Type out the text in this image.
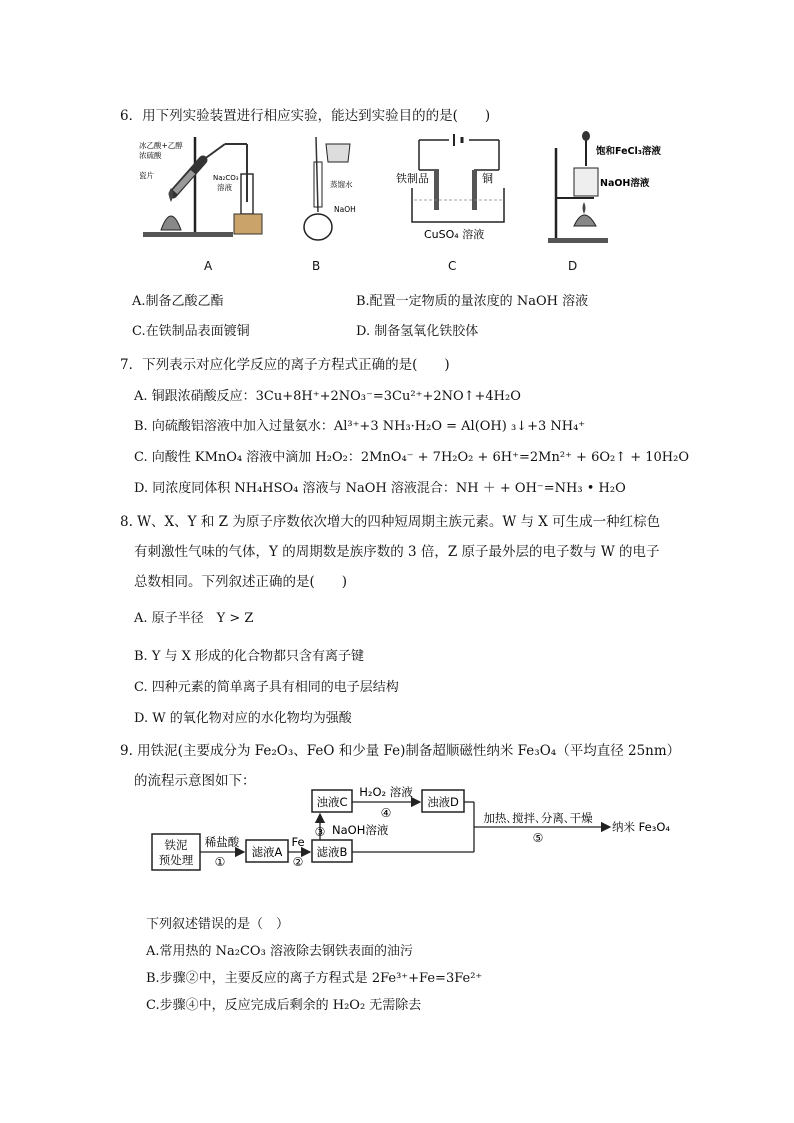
6．用下列实验装置进行相应实验，能达到实验目的的是(　　)
冰乙酸+乙醇
浓硫酸
瓷片	Na₂CO₃
溶液	蒸馏水
NaOH
铁制品	铜
CuSO₄ 溶液
饱和FeCl₃溶液
NaOH溶液
A	B	C	D
A.制备乙酸乙酯	B.配置一定物质的量浓度的 NaOH 溶液
C.在铁制品表面镀铜	D. 制备氢氧化铁胶体
7．下列表示对应化学反应的离子方程式正确的是(　　)
A. 铜跟浓硝酸反应：3Cu+8H⁺+2NO₃⁻=3Cu²⁺+2NO↑+4H₂O
B. 向硫酸铝溶液中加入过量氨水：Al³⁺+3 NH₃·H₂O = Al(OH) ₃↓+3 NH₄⁺
C. 向酸性 KMnO₄ 溶液中滴加 H₂O₂：2MnO₄⁻ + 7H₂O₂ + 6H⁺=2Mn²⁺ + 6O₂↑ + 10H₂O
D. 同浓度同体积 NH₄HSO₄ 溶液与 NaOH 溶液混合：NH ＋ + OH⁻=NH₃ • H₂O
8. W、X、Y 和 Z 为原子序数依次增大的四种短周期主族元素。W 与 X 可生成一种红棕色
有刺激性气味的气体，Y 的周期数是族序数的 3 倍，Z 原子最外层的电子数与 W 的电子
总数相同。下列叙述正确的是(　　)
A. 原子半径　Y > Z
B. Y 与 X 形成的化合物都只含有离子键
C. 四种元素的简单离子具有相同的电子层结构
D. W 的氧化物对应的水化物均为强酸
9. 用铁泥(主要成分为 Fe₂O₃、FeO 和少量 Fe)制备超顺磁性纳米 Fe₃O₄（平均直径 25nm）
的流程示意图如下：
铁泥
预处理
稀盐酸
①
滤液A
Fe
②
滤液B
③ NaOH溶液
浊液C
H₂O₂ 溶液
④
浊液D
加热､搅拌､分离､干燥
⑤
纳米 Fe₃O₄
下列叙述错误的是（　）
A.常用热的 Na₂CO₃ 溶液除去钢铁表面的油污
B.步骤②中，主要反应的离子方程式是 2Fe³⁺+Fe=3Fe²⁺
C.步骤④中，反应完成后剩余的 H₂O₂ 无需除去
